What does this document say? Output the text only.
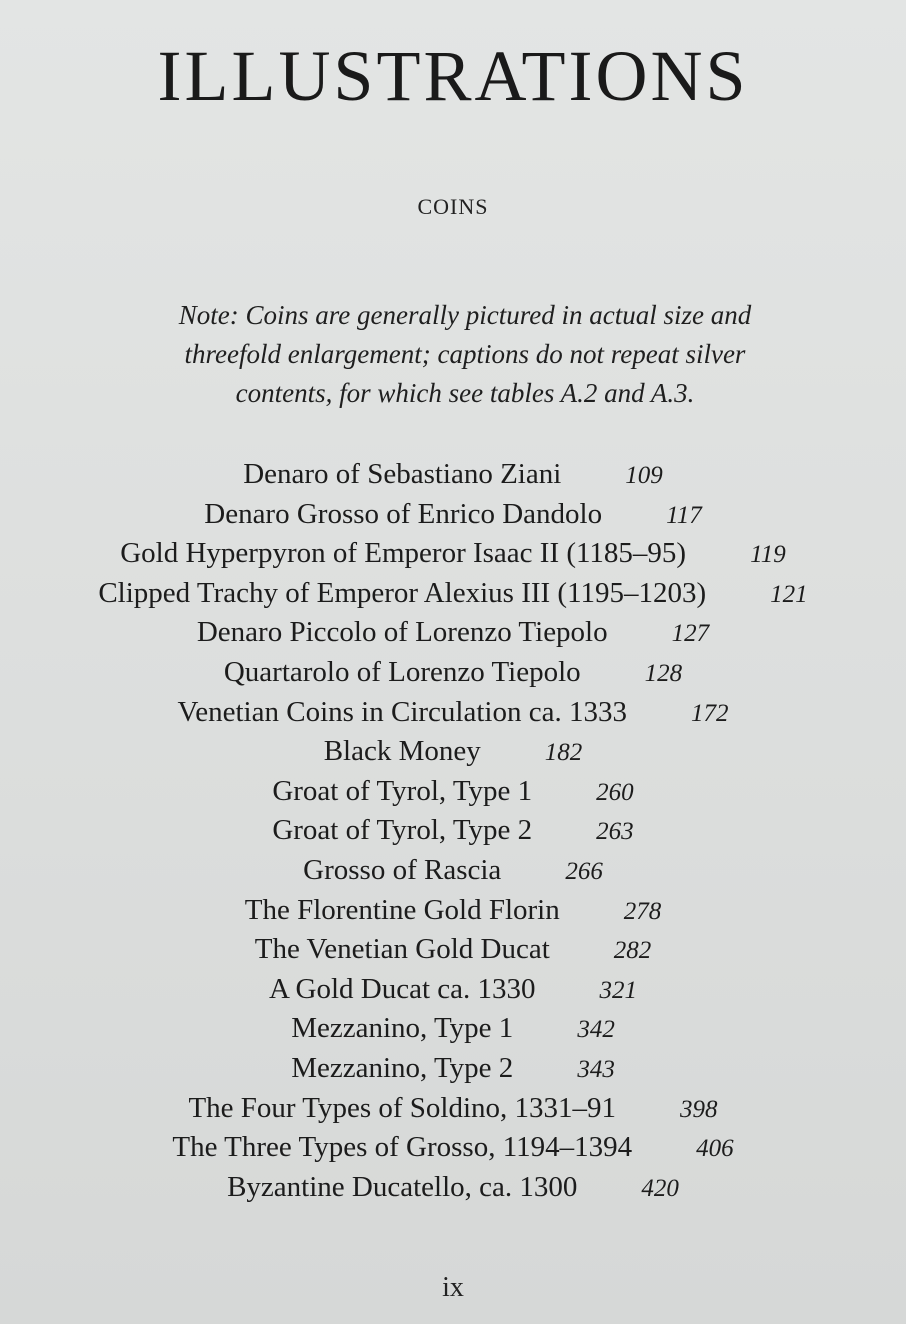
ILLUSTRATIONS
COINS
Note: Coins are generally pictured in actual size and
threefold enlargement; captions do not repeat silver
contents, for which see tables A.2 and A.3.
Denaro of Sebastiano Ziani	109
Denaro Grosso of Enrico Dandolo	117
Gold Hyperpyron of Emperor Isaac II (1185–95)	119
Clipped Trachy of Emperor Alexius III (1195–1203)	121
Denaro Piccolo of Lorenzo Tiepolo	127
Quartarolo of Lorenzo Tiepolo	128
Venetian Coins in Circulation ca. 1333	172
Black Money	182
Groat of Tyrol, Type 1	260
Groat of Tyrol, Type 2	263
Grosso of Rascia	266
The Florentine Gold Florin	278
The Venetian Gold Ducat	282
A Gold Ducat ca. 1330	321
Mezzanino, Type 1	342
Mezzanino, Type 2	343
The Four Types of Soldino, 1331–91	398
The Three Types of Grosso, 1194–1394	406
Byzantine Ducatello, ca. 1300	420
ix
